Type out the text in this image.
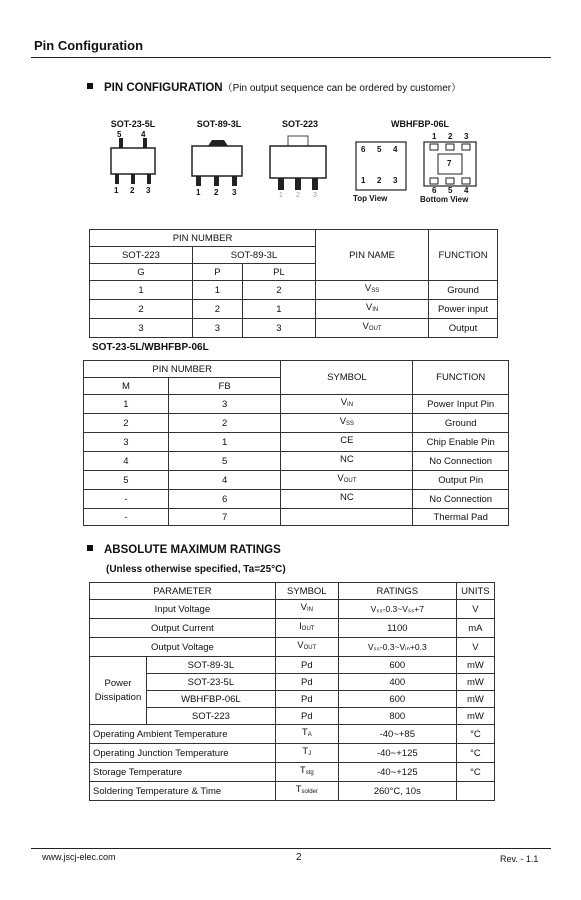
Pin Configuration
PIN CONFIGURATION（Pin output sequence can be ordered by customer）
SOT-23-5L	SOT-89-3L	SOT-223	WBHFBP-06L
5 4
1 2 3	1 2 3	1 2 3
6 5 4
1 2 3
Top View
1 2 3
7
6 5 4
Bottom View
PIN NUMBER			PIN NAME	FUNCTION
SOT-223	SOT-89-3L			
G	P	PL		
1	1	2	$V_{SS}$	Ground
2	2	1	$V_{IN}$	Power input
3	3	3	$V_{OUT}$	Output
SOT-23-5L/WBHFBP-06L
PIN NUMBER		SYMBOL	FUNCTION
M	FB		
1	3	$V_{IN}$	Power Input Pin
2	2	$V_{SS}$	Ground
3	1	CE	Chip Enable Pin
4	5	NC	No Connection
5	4	$V_{OUT}$	Output Pin
-	6	NC	No Connection
-	7		Thermal Pad
ABSOLUTE MAXIMUM RATINGS
(Unless otherwise specified, Ta=25°C)
PARAMETER		SYMBOL	RATINGS	UNITS
Input Voltage		$V_{IN}$	Vₛₛ-0.3~Vₛₛ+7	V
Output Current		$I_{OUT}$	1100	mA
Output Voltage		$V_{OUT}$	Vₛₛ-0.3~Vᵢₙ+0.3	V

Power
Dissipation	SOT-89-3L	Pd	600	mW
	SOT-23-5L	Pd	400	mW
	WBHFBP-06L	Pd	600	mW
	SOT-223	Pd	800	mW
Operating Ambient Temperature		$T_A$	-40~+85	°C
Operating Junction Temperature		$T_J$	-40~+125	°C
Storage Temperature		$T_{stg}$	-40~+125	°C
Soldering Temperature & Time		$T_{solder}$	260°C, 10s	
www.jscj-elec.com	2	Rev. - 1.1
